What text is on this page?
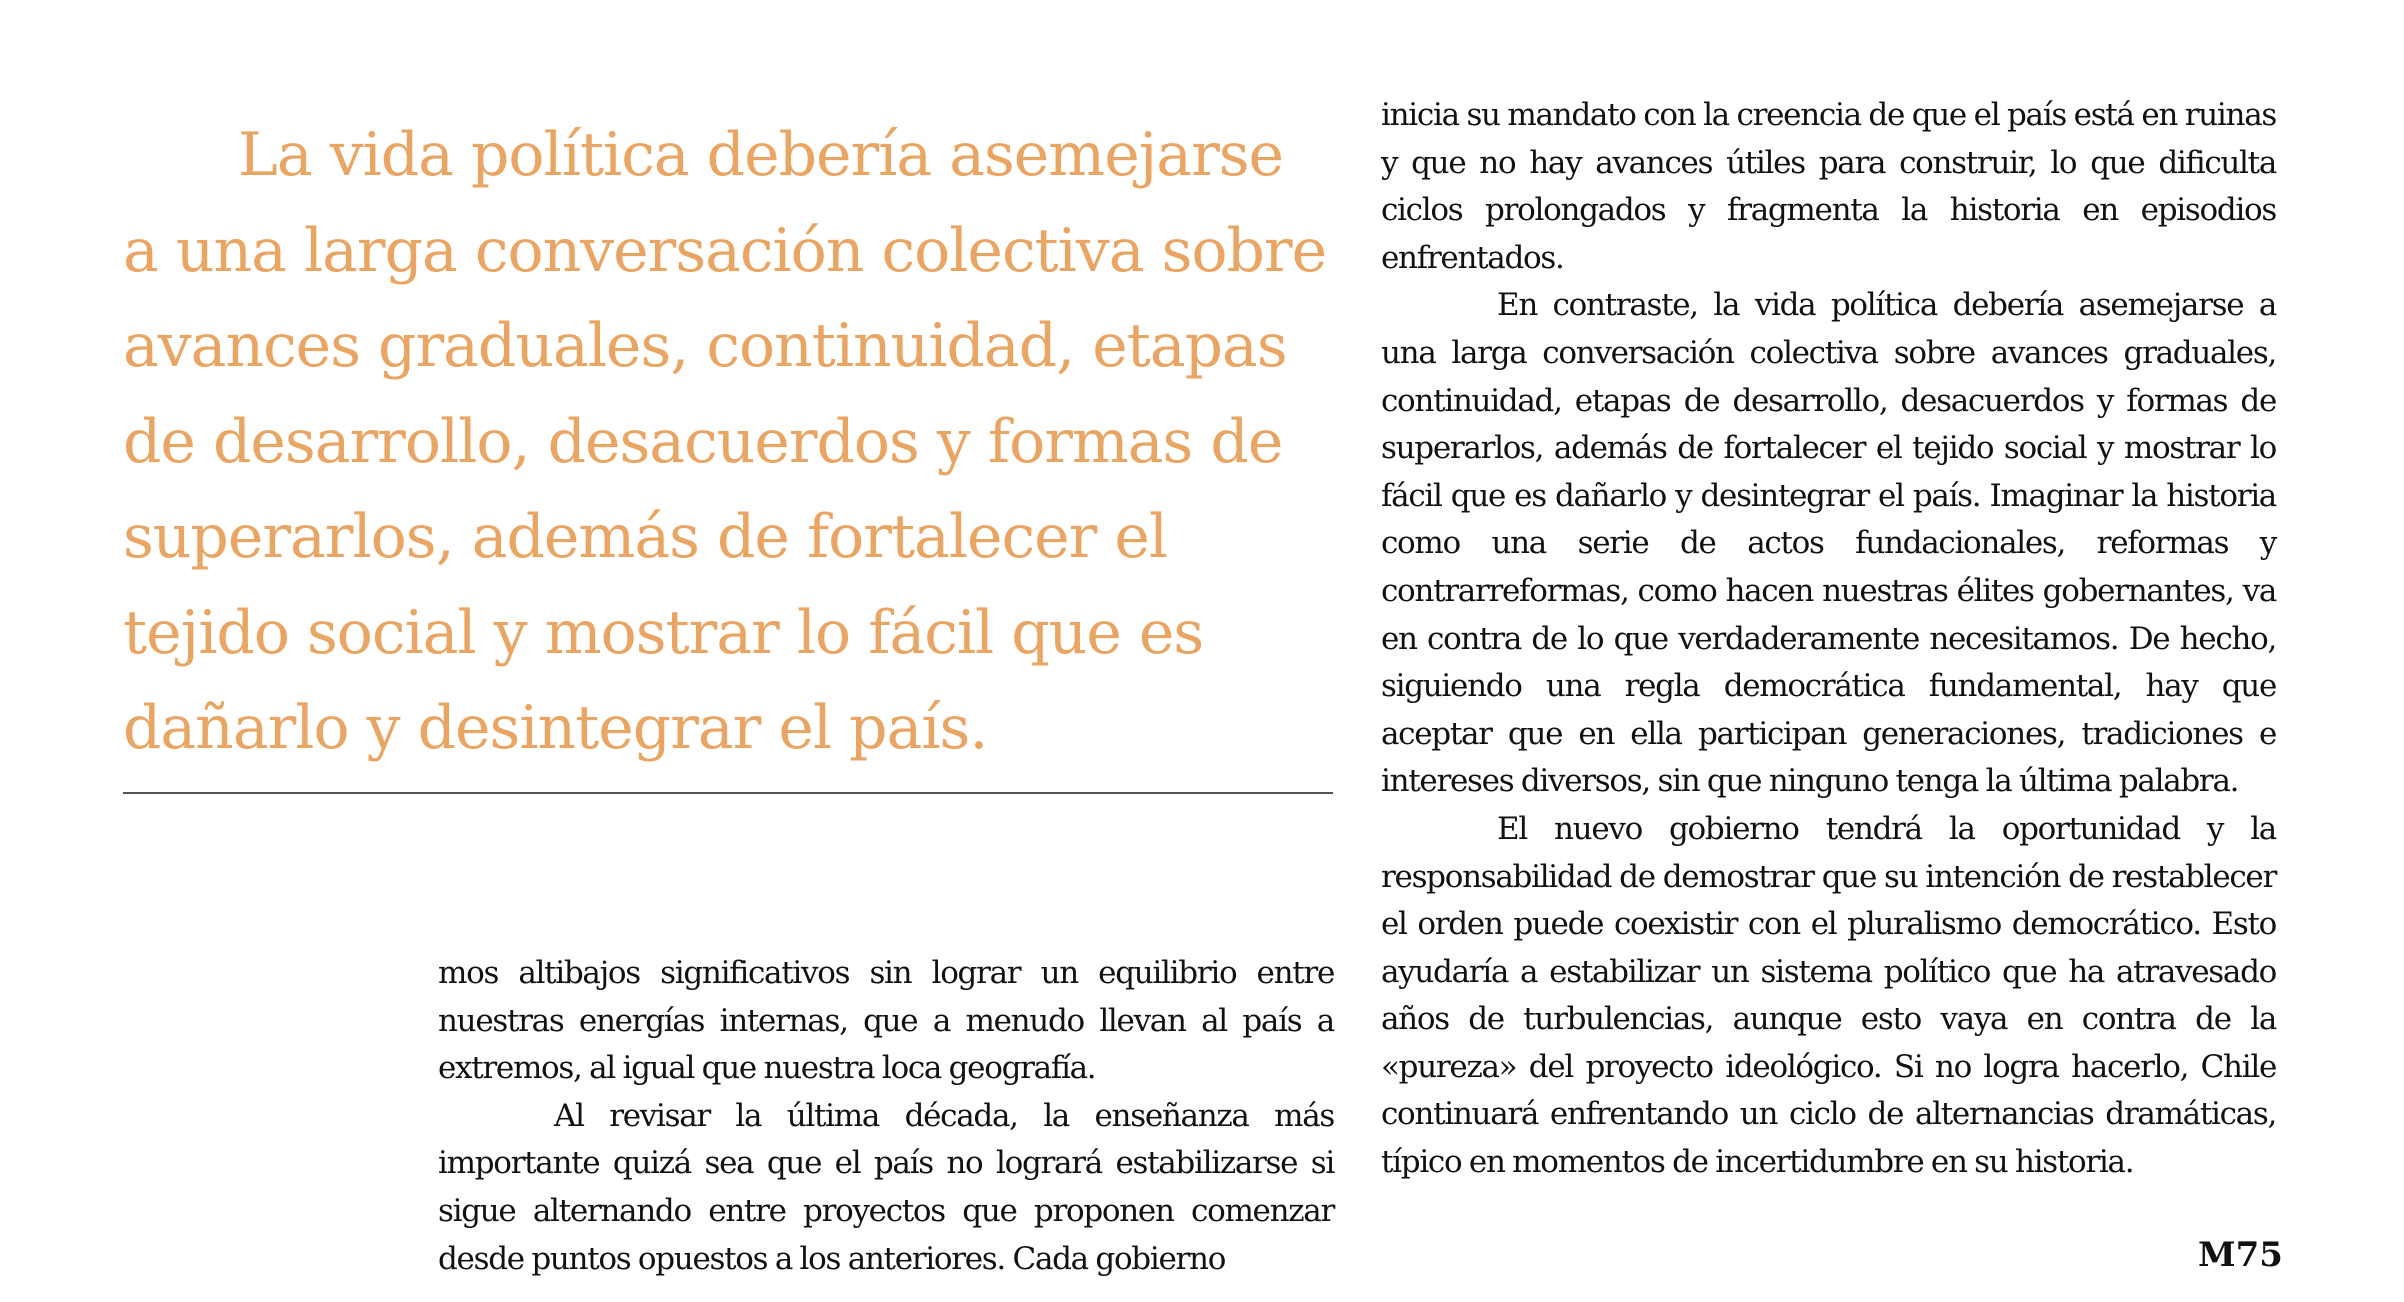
La vida política debería asemejarse a una larga conversación colectiva sobre avances graduales, continuidad, etapas de desarrollo, desacuerdos y formas de superarlos, además de fortalecer el tejido social y mostrar lo fácil que es dañarlo y desintegrar el país.

mos altibajos significativos sin lograr un equilibrio entre nuestras energías internas, que a menudo llevan al país a extremos, al igual que nuestra loca geografía.

Al revisar la última década, la enseñanza más importante quizá sea que el país no logrará estabilizarse si sigue alternando entre proyectos que proponen comenzar desde puntos opuestos a los anteriores. Cada gobierno

inicia su mandato con la creencia de que el país está en ruinas y que no hay avances útiles para construir, lo que dificulta ciclos prolongados y fragmenta la historia en episodios enfrentados.

En contraste, la vida política debería asemejarse a una larga conversación colectiva sobre avances graduales, continuidad, etapas de desarrollo, desacuerdos y formas de superarlos, además de fortalecer el tejido social y mostrar lo fácil que es dañarlo y desintegrar el país. Imaginar la historia como una serie de actos fundacionales, reformas y contrarreformas, como hacen nuestras élites gobernantes, va en contra de lo que verdaderamente necesitamos. De hecho, siguiendo una regla democrática fundamental, hay que aceptar que en ella participan generaciones, tradiciones e intereses diversos, sin que ninguno tenga la última palabra.

El nuevo gobierno tendrá la oportunidad y la responsabilidad de demostrar que su intención de restablecer el orden puede coexistir con el pluralismo democrático. Esto ayudaría a estabilizar un sistema político que ha atravesado años de turbulencias, aunque esto vaya en contra de la «pureza» del proyecto ideológico. Si no logra hacerlo, Chile continuará enfrentando un ciclo de alternancias dramáticas, típico en momentos de incertidumbre en su historia.

M75
